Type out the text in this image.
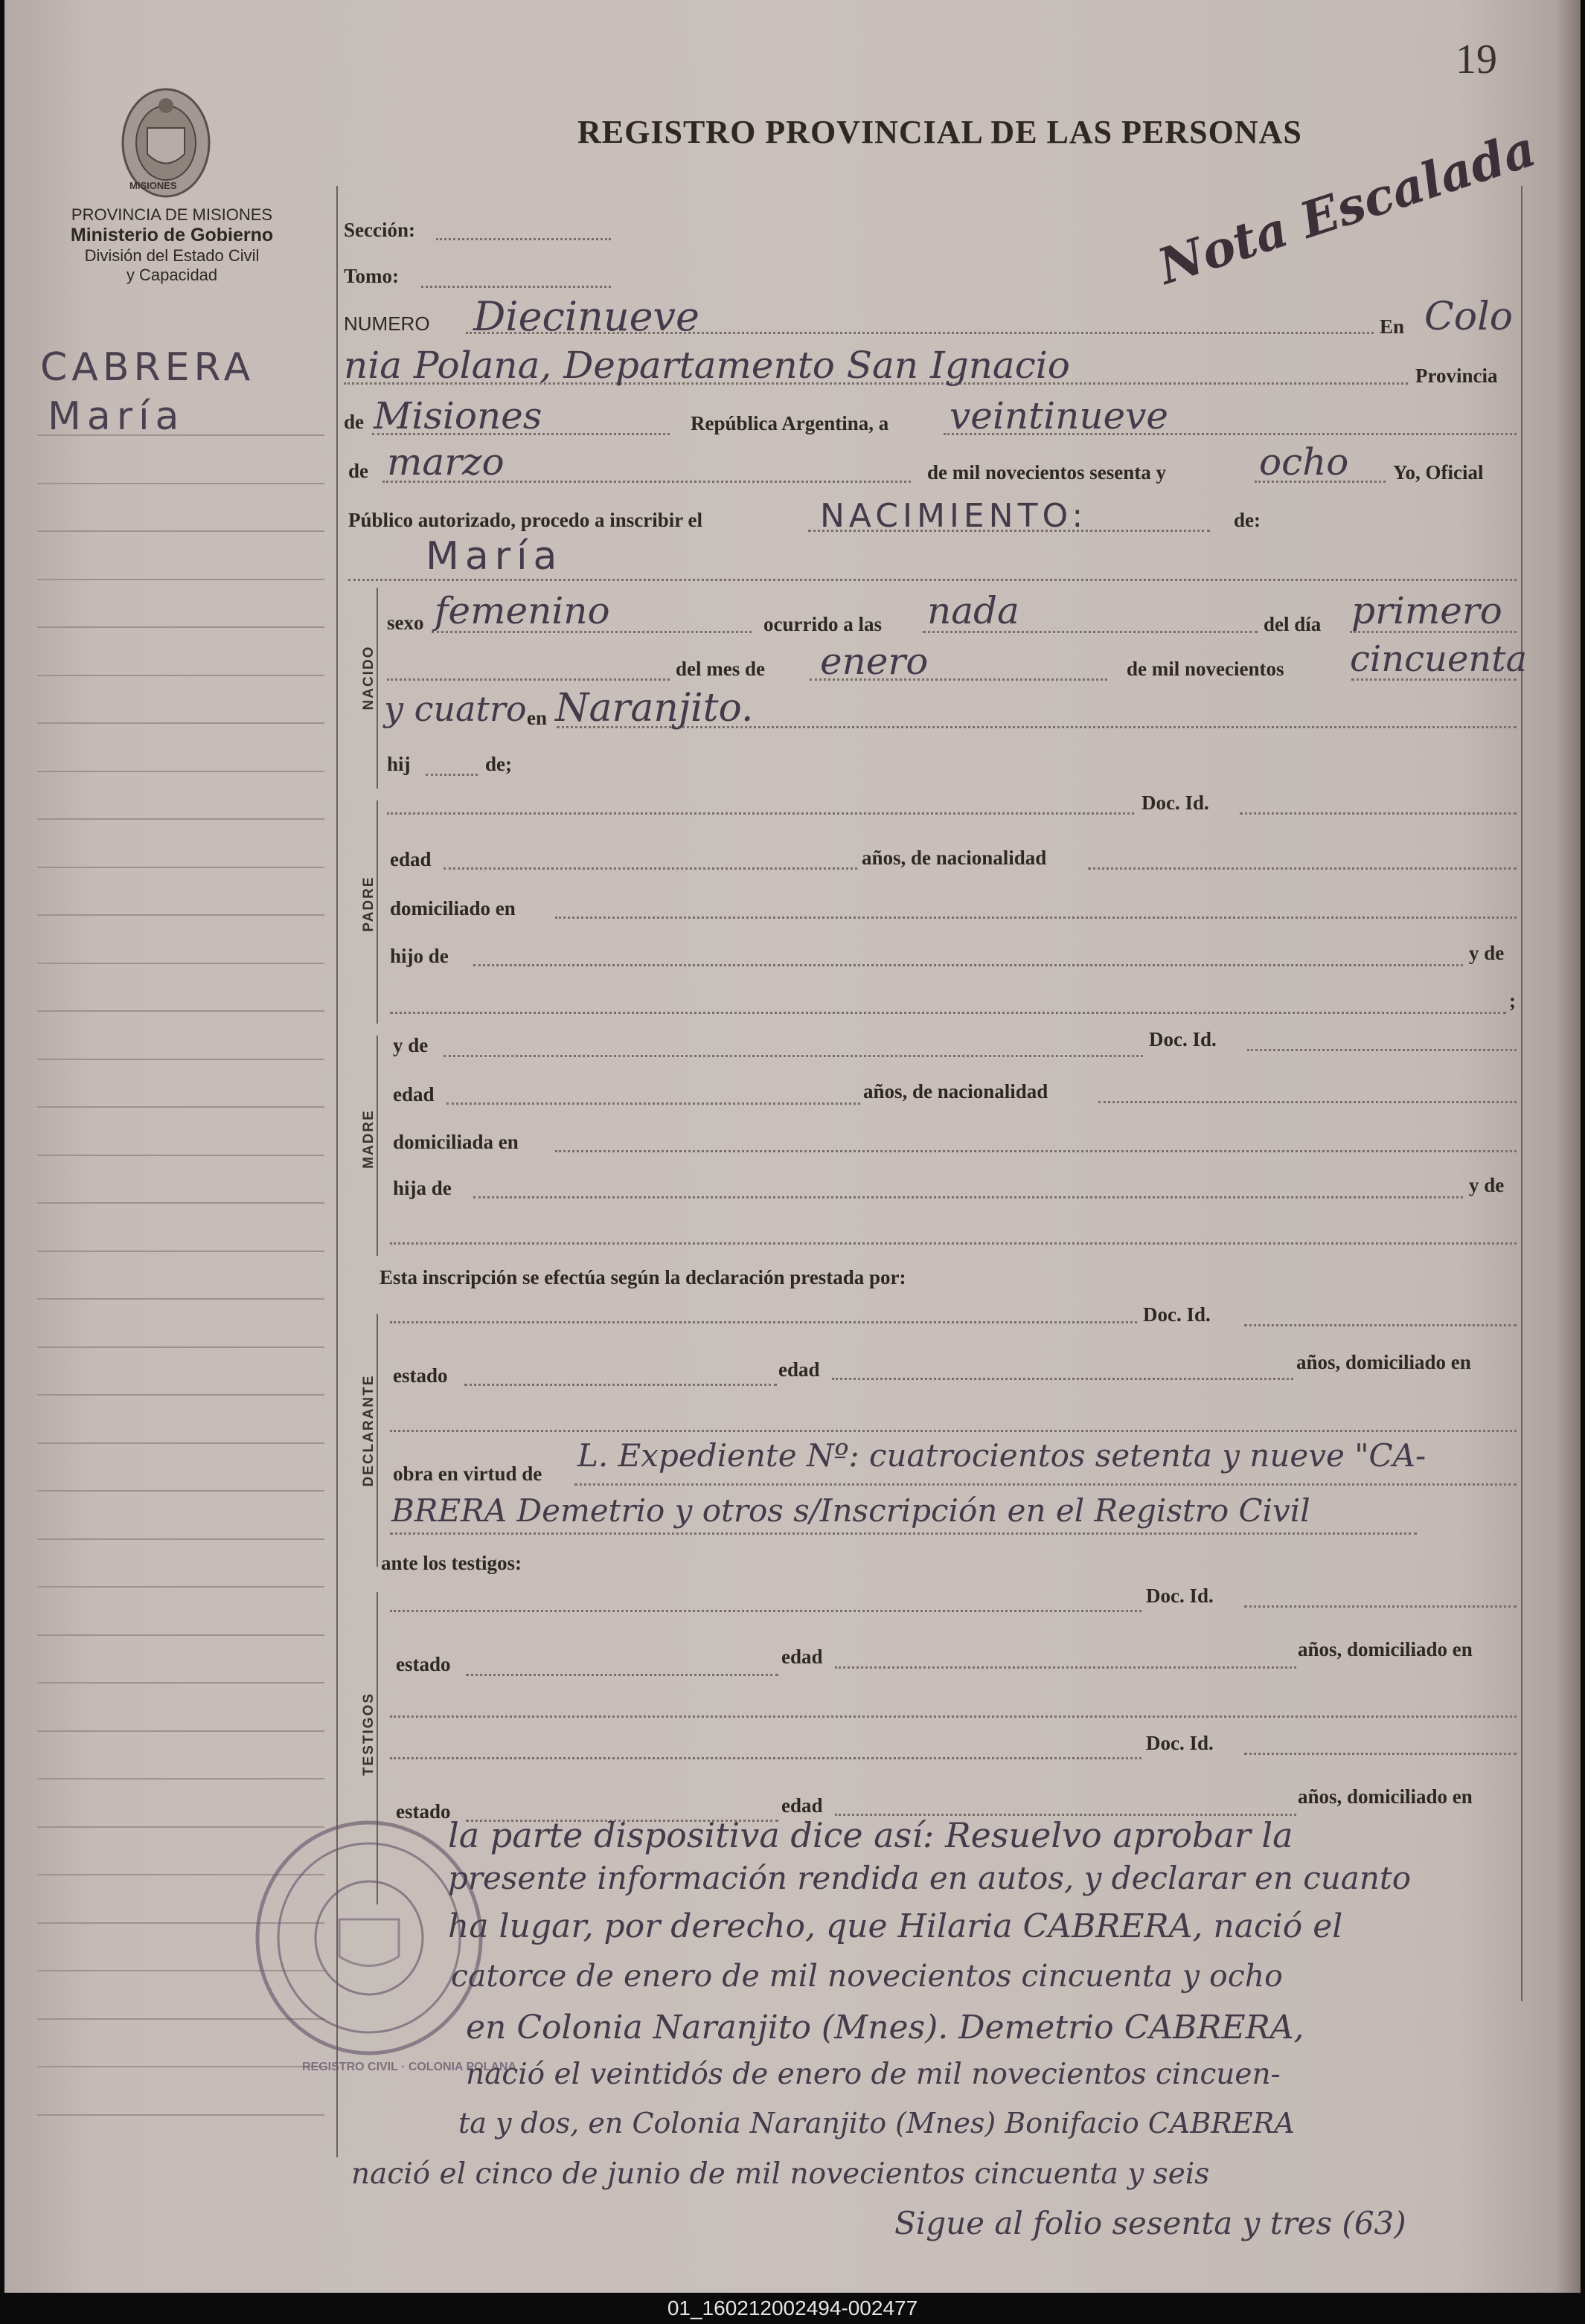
19
MISIONES
PROVINCIA DE MISIONES
Ministerio de Gobierno
División del Estado Civil
y Capacidad
REGISTRO PROVINCIAL DE LAS PERSONAS
Nota Escalada
CABRERA
María
Sección:
Tomo:
NUMERO Diecinueve	En Colo
nia Polana, Departamento San Ignacio	Provincia
de Misiones	República Argentina, a veintinueve
de marzo	de mil novecientos sesenta y	ocho Yo, Oficial
Público autorizado, procedo a inscribir el	NACIMIENTO:	de:
María
NACIDO
sexo femenino	ocurrido a las nada	del día primero
del mes de enero	de mil novecientos cincuenta
y cuatro en Naranjito.
hij	de;
PADRE
Doc. Id.
edad	años, de nacionalidad
domiciliado en
hijo de	y de
;
MADRE
y de	Doc. Id.
edad	años, de nacionalidad
domiciliada en
hija de	y de
Esta inscripción se efectúa según la declaración prestada por:
DECLARANTE
Doc. Id.
estado	edad	años, domiciliado en
obra en virtud de L. Expediente Nº: cuatrocientos setenta y nueve "CA-
BRERA Demetrio y otros s/Inscripción en el Registro Civil
ante los testigos:
TESTIGOS
Doc. Id.
estado	edad	años, domiciliado en
Doc. Id.
estado	edad	años, domiciliado en
REGISTRO CIVIL · COLONIA POLANA
la parte dispositiva dice así: Resuelvo aprobar la
presente información rendida en autos, y declarar en cuanto
ha lugar, por derecho, que Hilaria CABRERA, nació el
catorce de enero de mil novecientos cincuenta y ocho
en Colonia Naranjito (Mnes). Demetrio CABRERA,
nació el veintidós de enero de mil novecientos cincuen-
ta y dos, en Colonia Naranjito (Mnes) Bonifacio CABRERA
nació el cinco de junio de mil novecientos cincuenta y seis
Sigue al folio sesenta y tres (63)
01_160212002494-002477
